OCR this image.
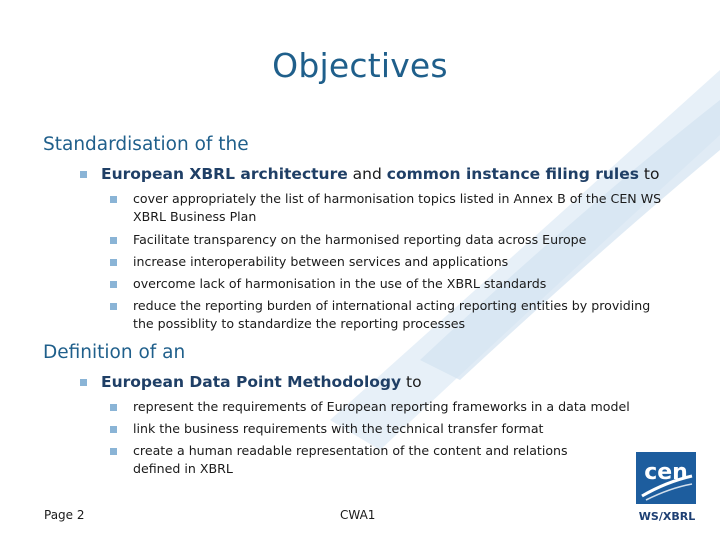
Objectives
Standardisation of the
European XBRL architecture and common instance filing rules to
cover appropriately the list of harmonisation topics listed in Annex B of the CEN WS XBRL Business Plan
Facilitate transparency on the harmonised reporting data across Europe
increase interoperability between services and applications
overcome lack of harmonisation in the use of the XBRL standards
reduce the reporting burden of international acting reporting entities by providing the possiblity to standardize the reporting processes
Definition of an
European Data Point Methodology to
represent the requirements of European reporting frameworks in a data model
link the business requirements with the technical transfer format
create a human readable representation of the content and relations defined in XBRL
Page 2	CWA1
cen
WS/XBRL
